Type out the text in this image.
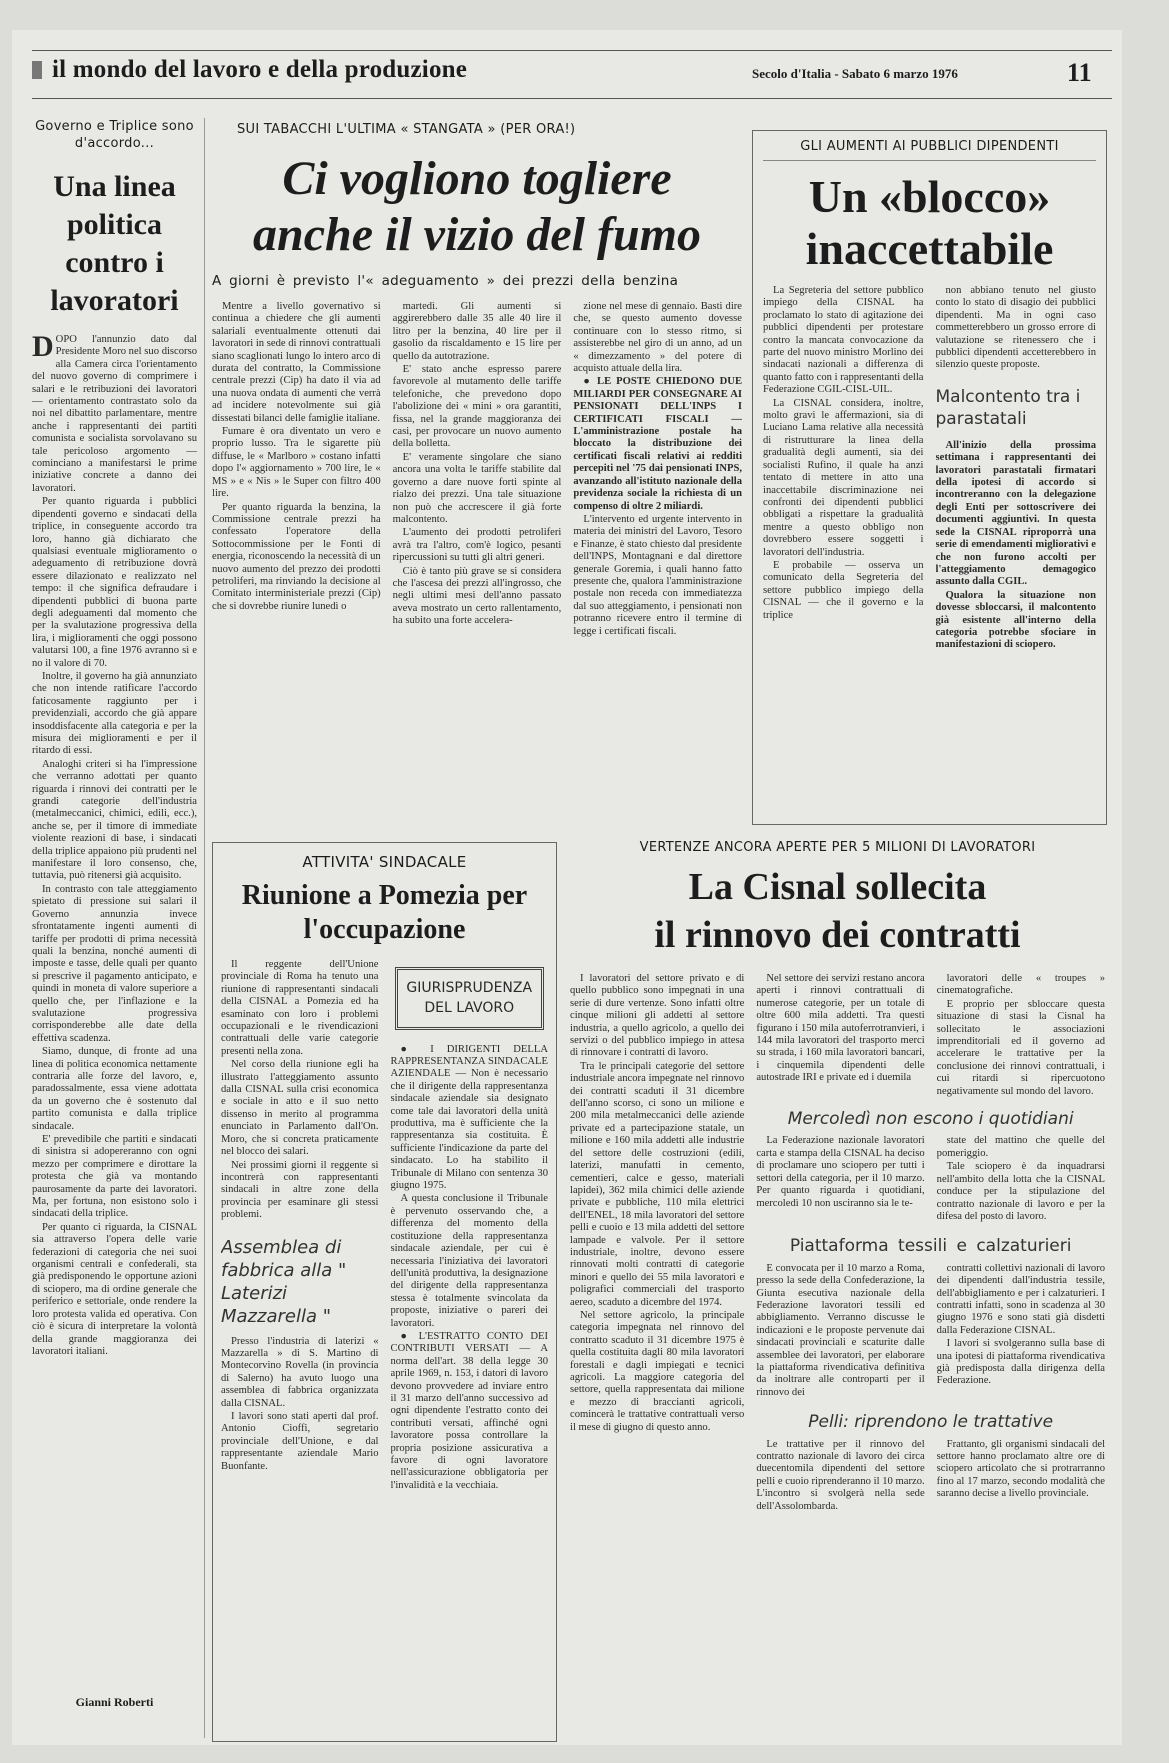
il mondo del lavoro e della produzione	Secolo d'Italia - Sabato 6 marzo 1976	11
Governo e Triplice sono d'accordo...
Una linea politica contro i lavoratori
D OPO l'annunzio dato dal Presidente Moro nel suo discorso alla Camera circa l'orientamento del nuovo governo di comprimere i salari e le retribuzioni dei lavoratori — orientamento contrastato solo da noi nel dibattito parlamentare, mentre anche i rappresentanti dei partiti comunista e socialista sorvolavano su tale pericoloso argomento — cominciano a manifestarsi le prime iniziative concrete a danno dei lavoratori.

Per quanto riguarda i pubblici dipendenti governo e sindacati della triplice, in conseguente accordo tra loro, hanno già dichiarato che qualsiasi eventuale miglioramento o adeguamento di retribuzione dovrà essere dilazionato e realizzato nel tempo: il che significa defraudare i dipendenti pubblici di buona parte degli adeguamenti dal momento che per la svalutazione progressiva della lira, i miglioramenti che oggi possono valutarsi 100, a fine 1976 avranno sì e no il valore di 70.

Inoltre, il governo ha già annunziato che non intende ratificare l'accordo faticosamente raggiunto per i previdenziali, accordo che già appare insoddisfacente alla categoria e per la misura dei miglioramenti e per il ritardo di essi.

Analoghi criteri si ha l'impressione che verranno adottati per quanto riguarda i rinnovi dei contratti per le grandi categorie dell'industria (metalmeccanici, chimici, edili, ecc.), anche se, per il timore di immediate violente reazioni di base, i sindacati della triplice appaiono più prudenti nel manifestare il loro consenso, che, tuttavia, può ritenersi già acquisito.

In contrasto con tale atteggiamento spietato di pressione sui salari il Governo annunzia invece sfrontatamente ingenti aumenti di tariffe per prodotti di prima necessità quali la benzina, nonché aumenti di imposte e tasse, delle quali per quanto si prescrive il pagamento anticipato, e quindi in moneta di valore superiore a quello che, per l'inflazione e la svalutazione progressiva corrisponderebbe alle date della effettiva scadenza.

Siamo, dunque, di fronte ad una linea di politica economica nettamente contraria alle forze del lavoro, e, paradossalmente, essa viene adottata da un governo che è sostenuto dal partito comunista e dalla triplice sindacale.

E' prevedibile che partiti e sindacati di sinistra si adopereranno con ogni mezzo per comprimere e dirottare la protesta che già va montando paurosamente da parte dei lavoratori. Ma, per fortuna, non esistono solo i sindacati della triplice.

Per quanto ci riguarda, la CISNAL sia attraverso l'opera delle varie federazioni di categoria che nei suoi organismi centrali e confederali, sta già predisponendo le opportune azioni di sciopero, ma di ordine generale che periferico e settoriale, onde rendere la loro protesta valida ed operativa. Con ciò è sicura di interpretare la volontà della grande maggioranza dei lavoratori italiani.

Gianni Roberti
SUI TABACCHI L'ULTIMA « STANGATA » (PER ORA!)
Ci vogliono togliere
anche il vizio del fumo
A giorni è previsto l'« adeguamento » dei prezzi della benzina

Mentre a livello governativo si continua a chiedere che gli aumenti salariali eventualmente ottenuti dai lavoratori in sede di rinnovi contrattuali siano scaglionati lungo lo intero arco di durata del contratto, la Commissione centrale prezzi (Cip) ha dato il via ad una nuova ondata di aumenti che verrà ad incidere notevolmente sui già dissestati bilanci delle famiglie italiane.

Fumare è ora diventato un vero e proprio lusso. Tra le sigarette più diffuse, le « Marlboro » costano infatti dopo l'« aggiornamento » 700 lire, le « MS » e « Nis » le Super con filtro 400 lire.

Per quanto riguarda la benzina, la Commissione centrale prezzi ha confessato l'operatore della Sottocommissione per le Fonti di energia, riconoscendo la necessità di un nuovo aumento del prezzo dei prodotti petroliferi, ma rinviando la decisione al Comitato interministeriale prezzi (Cip) che si dovrebbe riunire lunedì o

martedì. Gli aumenti si aggirerebbero dalle 35 alle 40 lire il litro per la benzina, 40 lire per il gasolio da riscaldamento e 15 lire per quello da autotrazione.

E' stato anche espresso parere favorevole al mutamento delle tariffe telefoniche, che prevedono dopo l'abolizione dei « mini » ora garantiti, fissa, nel la grande maggioranza dei casi, per provocare un nuovo aumento della bolletta.

E' veramente singolare che siano ancora una volta le tariffe stabilite dal governo a dare nuove forti spinte al rialzo dei prezzi. Una tale situazione non può che accrescere il già forte malcontento.

L'aumento dei prodotti petroliferi avrà tra l'altro, com'è logico, pesanti ripercussioni su tutti gli altri generi.

Ciò è tanto più grave se si considera che l'ascesa dei prezzi all'ingrosso, che negli ultimi mesi dell'anno passato aveva mostrato un certo rallentamento, ha subito una forte accelera-

zione nel mese di gennaio. Basti dire che, se questo aumento dovesse continuare con lo stesso ritmo, si assisterebbe nel giro di un anno, ad un « dimezzamento » del potere di acquisto attuale della lira.

● LE POSTE CHIEDONO DUE MILIARDI PER CONSEGNARE AI PENSIONATI DELL'INPS I CERTIFICATI FISCALI — L'amministrazione postale ha bloccato la distribuzione dei certificati fiscali relativi ai redditi percepiti nel '75 dai pensionati INPS, avanzando all'istituto nazionale della previdenza sociale la richiesta di un compenso di oltre 2 miliardi.

L'intervento ed urgente intervento in materia dei ministri del Lavoro, Tesoro e Finanze, è stato chiesto dal presidente dell'INPS, Montagnani e dal direttore generale Goremia, i quali hanno fatto presente che, qualora l'amministrazione postale non receda con immediatezza dal suo atteggiamento, i pensionati non potranno ricevere entro il termine di legge i certificati fiscali.

GLI AUMENTI AI PUBBLICI DIPENDENTI
Un «blocco»
inaccettabile

La Segreteria del settore pubblico impiego della CISNAL ha proclamato lo stato di agitazione dei pubblici dipendenti per protestare contro la mancata convocazione da parte del nuovo ministro Morlino dei sindacati nazionali a differenza di quanto fatto con i rappresentanti della Federazione CGIL-CISL-UIL.

La CISNAL considera, inoltre, molto gravi le affermazioni, sia di Luciano Lama relative alla necessità di ristrutturare la linea della gradualità degli aumenti, sia dei socialisti Rufino, il quale ha anzi tentato di mettere in atto una inaccettabile discriminazione nei confronti dei dipendenti pubblici obbligati a rispettare la gradualità mentre a questo obbligo non dovrebbero essere soggetti i lavoratori dell'industria.

E probabile — osserva un comunicato della Segreteria del settore pubblico impiego della CISNAL — che il governo e la triplice

non abbiano tenuto nel giusto conto lo stato di disagio dei pubblici dipendenti. Ma in ogni caso commetterebbero un grosso errore di valutazione se ritenessero che i pubblici dipendenti accetterebbero in silenzio queste proposte.

Malcontento tra i parastatali

All'inizio della prossima settimana i rappresentanti dei lavoratori parastatali firmatari della ipotesi di accordo si incontreranno con la delegazione degli Enti per sottoscrivere dei documenti aggiuntivi. In questa sede la CISNAL riproporrà una serie di emendamenti migliorativi e che non furono accolti per l'atteggiamento demagogico assunto dalla CGIL.

Qualora la situazione non dovesse sbloccarsi, il malcontento già esistente all'interno della categoria potrebbe sfociare in manifestazioni di sciopero.

ATTIVITA' SINDACALE
Riunione a Pomezia per l'occupazione

Il reggente dell'Unione provinciale di Roma ha tenuto una riunione di rappresentanti sindacali della CISNAL a Pomezia ed ha esaminato con loro i problemi occupazionali e le rivendicazioni contrattuali delle varie categorie presenti nella zona.

Nel corso della riunione egli ha illustrato l'atteggiamento assunto dalla CISNAL sulla crisi economica e sociale in atto e il suo netto dissenso in merito al programma enunciato in Parlamento dall'On. Moro, che si concreta praticamente nel blocco dei salari.

Nei prossimi giorni il reggente si incontrerà con rappresentanti sindacali in altre zone della provincia per esaminare gli stessi problemi.

Assemblea di fabbrica alla " Laterizi Mazzarella "

Presso l'industria di laterizi « Mazzarella » di S. Martino di Montecorvino Rovella (in provincia di Salerno) ha avuto luogo una assemblea di fabbrica organizzata dalla CISNAL.

I lavori sono stati aperti dal prof. Antonio Cioffi, segretario provinciale dell'Unione, e dal rappresentante aziendale Mario Buonfante.

GIURISPRUDENZA
DEL LAVORO

● I DIRIGENTI DELLA RAPPRESENTANZA SINDACALE AZIENDALE — Non è necessario che il dirigente della rappresentanza sindacale aziendale sia designato come tale dai lavoratori della unità produttiva, ma è sufficiente che la rappresentanza sia costituita. È sufficiente l'indicazione da parte del sindacato. Lo ha stabilito il Tribunale di Milano con sentenza 30 giugno 1975.

A questa conclusione il Tribunale è pervenuto osservando che, a differenza del momento della costituzione della rappresentanza sindacale aziendale, per cui è necessaria l'iniziativa dei lavoratori dell'unità produttiva, la designazione del dirigente della rappresentanza stessa è totalmente svincolata da proposte, iniziative o pareri dei lavoratori.

● L'ESTRATTO CONTO DEI CONTRIBUTI VERSATI — A norma dell'art. 38 della legge 30 aprile 1969, n. 153, i datori di lavoro devono provvedere ad inviare entro il 31 marzo dell'anno successivo ad ogni dipendente l'estratto conto dei contributi versati, affinché ogni lavoratore possa controllare la propria posizione assicurativa a favore di ogni lavoratore nell'assicurazione obbligatoria per l'invalidità e la vecchiaia.

VERTENZE ANCORA APERTE PER 5 MILIONI DI LAVORATORI
La Cisnal sollecita
il rinnovo dei contratti

I lavoratori del settore privato e di quello pubblico sono impegnati in una serie di dure vertenze. Sono infatti oltre cinque milioni gli addetti al settore industria, a quello agricolo, a quello dei servizi o del pubblico impiego in attesa di rinnovare i contratti di lavoro.

Tra le principali categorie del settore industriale ancora impegnate nel rinnovo dei contratti scaduti il 31 dicembre dell'anno scorso, ci sono un milione e 200 mila metalmeccanici delle aziende private ed a partecipazione statale, un milione e 160 mila addetti alle industrie del settore delle costruzioni (edili, laterizi, manufatti in cemento, cementieri, calce e gesso, materiali lapidei), 362 mila chimici delle aziende private e pubbliche, 110 mila elettrici dell'ENEL, 18 mila lavoratori del settore pelli e cuoio e 13 mila addetti del settore lampade e valvole. Per il settore industriale, inoltre, devono essere rinnovati molti contratti di categorie minori e quello dei 55 mila lavoratori e poligrafici commerciali del trasporto aereo, scaduto a dicembre del 1974.

Nel settore agricolo, la principale categoria impegnata nel rinnovo del contratto scaduto il 31 dicembre 1975 è quella costituita dagli 80 mila lavoratori forestali e dagli impiegati e tecnici agricoli. La maggiore categoria del settore, quella rappresentata dai milione e mezzo di braccianti agricoli, comincerà le trattative contrattuali verso il mese di giugno di questo anno.

Nel settore dei servizi restano ancora aperti i rinnovi contrattuali di numerose categorie, per un totale di oltre 600 mila addetti. Tra questi figurano i 150 mila autoferrotranvieri, i 144 mila lavoratori del trasporto merci su strada, i 160 mila lavoratori bancari, i cinquemila dipendenti delle autostrade IRI e private ed i duemila

lavoratori delle « troupes » cinematografiche.

E proprio per sbloccare questa situazione di stasi la Cisnal ha sollecitato le associazioni imprenditoriali ed il governo ad accelerare le trattative per la conclusione dei rinnovi contrattuali, i cui ritardi si ripercuotono negativamente sul mondo del lavoro.

Mercoledì non escono i quotidiani

La Federazione nazionale lavoratori carta e stampa della CISNAL ha deciso di proclamare uno sciopero per tutti i settori della categoria, per il 10 marzo. Per quanto riguarda i quotidiani, mercoledì 10 non usciranno sia le te-

state del mattino che quelle del pomeriggio.

Tale sciopero è da inquadrarsi nell'ambito della lotta che la CISNAL conduce per la stipulazione del contratto nazionale di lavoro e per la difesa del posto di lavoro.

Piattaforma tessili e calzaturieri

E convocata per il 10 marzo a Roma, presso la sede della Confederazione, la Giunta esecutiva nazionale della Federazione lavoratori tessili ed abbigliamento. Verranno discusse le indicazioni e le proposte pervenute dai sindacati provinciali e scaturite dalle assemblee dei lavoratori, per elaborare la piattaforma rivendicativa definitiva da inoltrare alle controparti per il rinnovo dei

contratti collettivi nazionali di lavoro dei dipendenti dall'industria tessile, dell'abbigliamento e per i calzaturieri. I contratti infatti, sono in scadenza al 30 giugno 1976 e sono stati già disdetti dalla Federazione CISNAL.

I lavori si svolgeranno sulla base di una ipotesi di piattaforma rivendicativa già predisposta dalla dirigenza della Federazione.

Pelli: riprendono le trattative

Le trattative per il rinnovo del contratto nazionale di lavoro dei circa duecentomila dipendenti del settore pelli e cuoio riprenderanno il 10 marzo. L'incontro si svolgerà nella sede dell'Assolombarda.

Frattanto, gli organismi sindacali del settore hanno proclamato altre ore di sciopero articolato che si protrarranno fino al 17 marzo, secondo modalità che saranno decise a livello provinciale.
